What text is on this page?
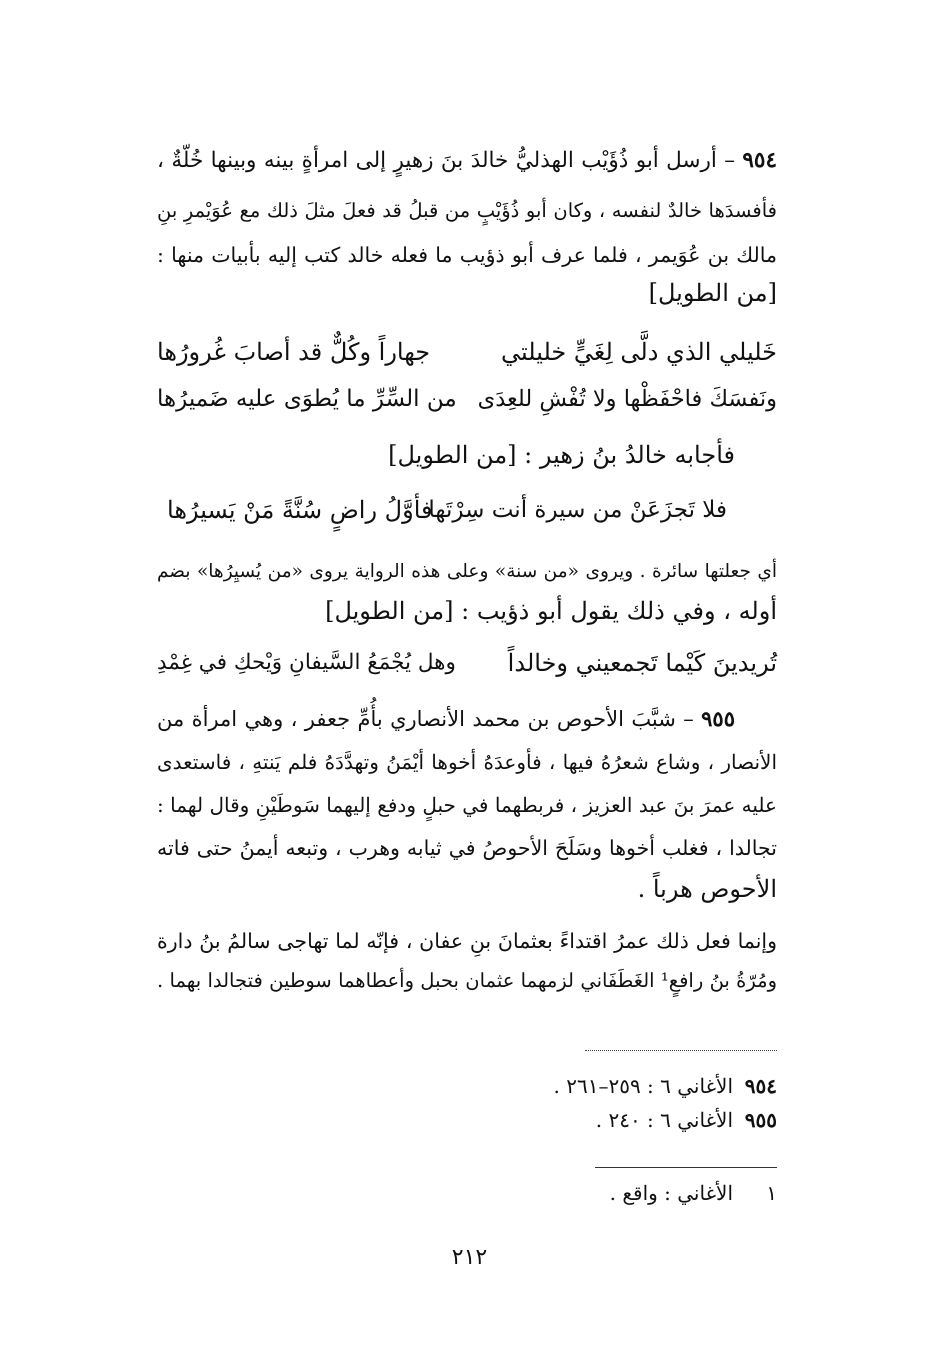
٩٥٤ – أرسل أبو ذُؤَيْب الهذليُّ خالدَ بنَ زهيرٍ إلى امرأةٍ بينه وبينها خُلّةٌ ،
فأفسدَها خالدٌ لنفسه ، وكان أبو ذُؤَيْبٍ من قبلُ قد فعلَ مثلَ ذلك مع عُوَيْمرِ بنِ
مالك بن عُوَيمر ، فلما عرف أبو ذؤيب ما فعله خالد كتب إليه بأبيات منها :
[من الطويل]
خَليلي الذي دلَّى لِغَيٍّ خليلتي
جهاراً وكُلٌّ قد أصابَ غُرورُها
ونَفسَكَ فاحْفَظْها ولا تُفْشِ للعِدَى
من السِّرِّ ما يُطوَى عليه ضَميرُها
فأجابه خالدُ بنُ زهير : [من الطويل]
فلا تَجزَعَنْ من سيرة أنت سِرْتَها
فأوَّلُ راضٍ سُنَّةً مَنْ يَسيرُها
أي جعلتها سائرة . ويروى «من سنة» وعلى هذه الرواية يروى «من يُسيِرُها» بضم
أوله ، وفي ذلك يقول أبو ذؤيب : [من الطويل]
تُريدينَ كَيْما تَجمعيني وخالداً
وهل يُجْمَعُ السَّيفانِ وَيْحكِ في غِمْدِ
٩٥٥ – شبَّبَ الأحوص بن محمد الأنصاري بأُمِّ جعفر ، وهي امرأة من
الأنصار ، وشاع شعرُهُ فيها ، فأوعدَهُ أخوها أيْمَنُ وتهدَّدَهُ فلم يَنتهِ ، فاستعدى
عليه عمرَ بنَ عبد العزيز ، فربطهما في حبلٍ ودفع إليهما سَوطَيْنِ وقال لهما :
تجالدا ، فغلب أخوها وسَلَحَ الأحوصُ في ثيابه وهرب ، وتبعه أيمنُ حتى فاته
الأحوص هرباً .
وإنما فعل ذلك عمرُ اقتداءً بعثمانَ بنِ عفان ، فإنّه لما تهاجى سالمُ بنُ دارة
ومُرّةُ بنُ رافعٍ¹ الغَطَفَاني لزمهما عثمان بحبل وأعطاهما سوطين فتجالدا بهما .
٩٥٤الأغاني ٦ : ٢٥٩–٢٦١ .
٩٥٥الأغاني ٦ : ٢٤٠ .
١الأغاني : واقع .
٢١٢
